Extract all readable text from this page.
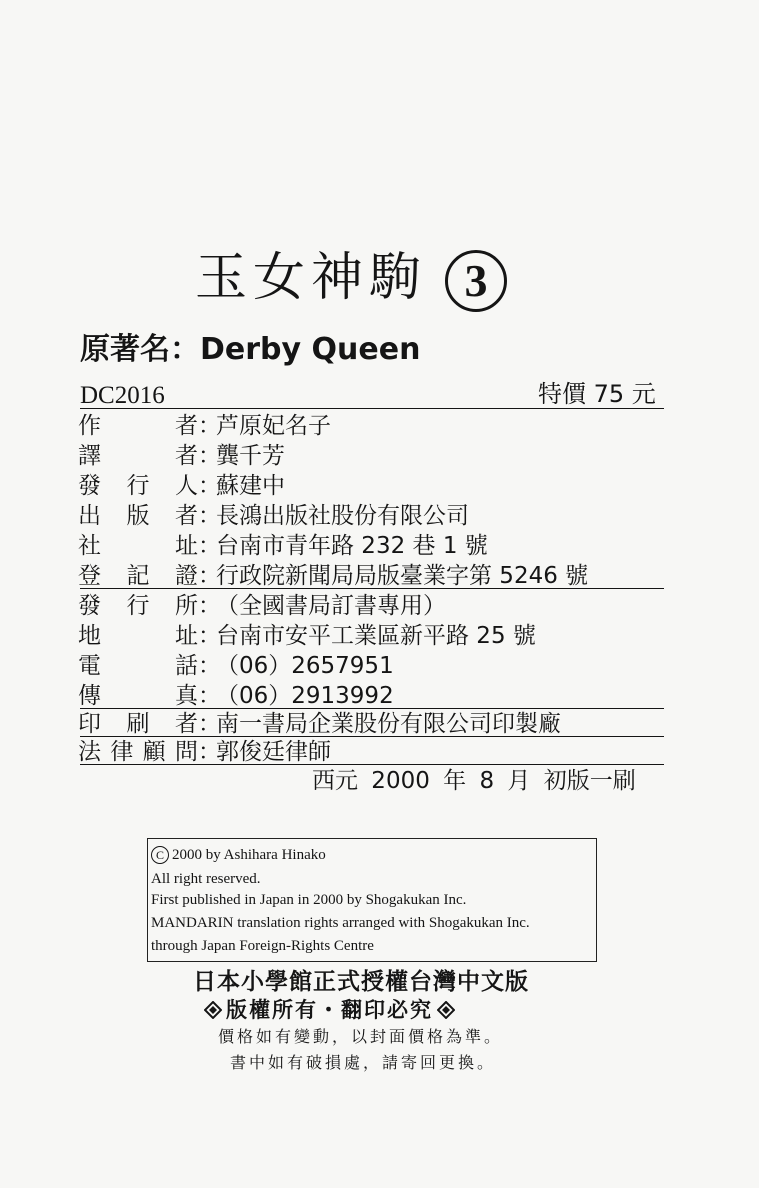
玉女神駒 3
原著名：Derby Queen
DC2016	特價 75 元
作者：芦原妃名子
譯者：龔千芳
發行人：蘇建中
出版者：長鴻出版社股份有限公司
社址：台南市青年路 232 巷 1 號
登記證：行政院新聞局局版臺業字第 5246 號
發行所：（全國書局訂書專用）
地址：台南市安平工業區新平路 25 號
電話：（06）2657951
傳真：（06）2913992
印刷者：南一書局企業股份有限公司印製廠
法律顧問：郭俊廷律師
西元 2000 年 8 月 初版一刷
C 2000 by Ashihara Hinako
All right reserved.
First published in Japan in 2000 by Shogakukan Inc.
MANDARIN translation rights arranged with Shogakukan Inc.
through Japan Foreign-Rights Centre
日本小學館正式授權台灣中文版
版權所有・翻印必究
價格如有變動，以封面價格為準。
書中如有破損處，請寄回更換。
